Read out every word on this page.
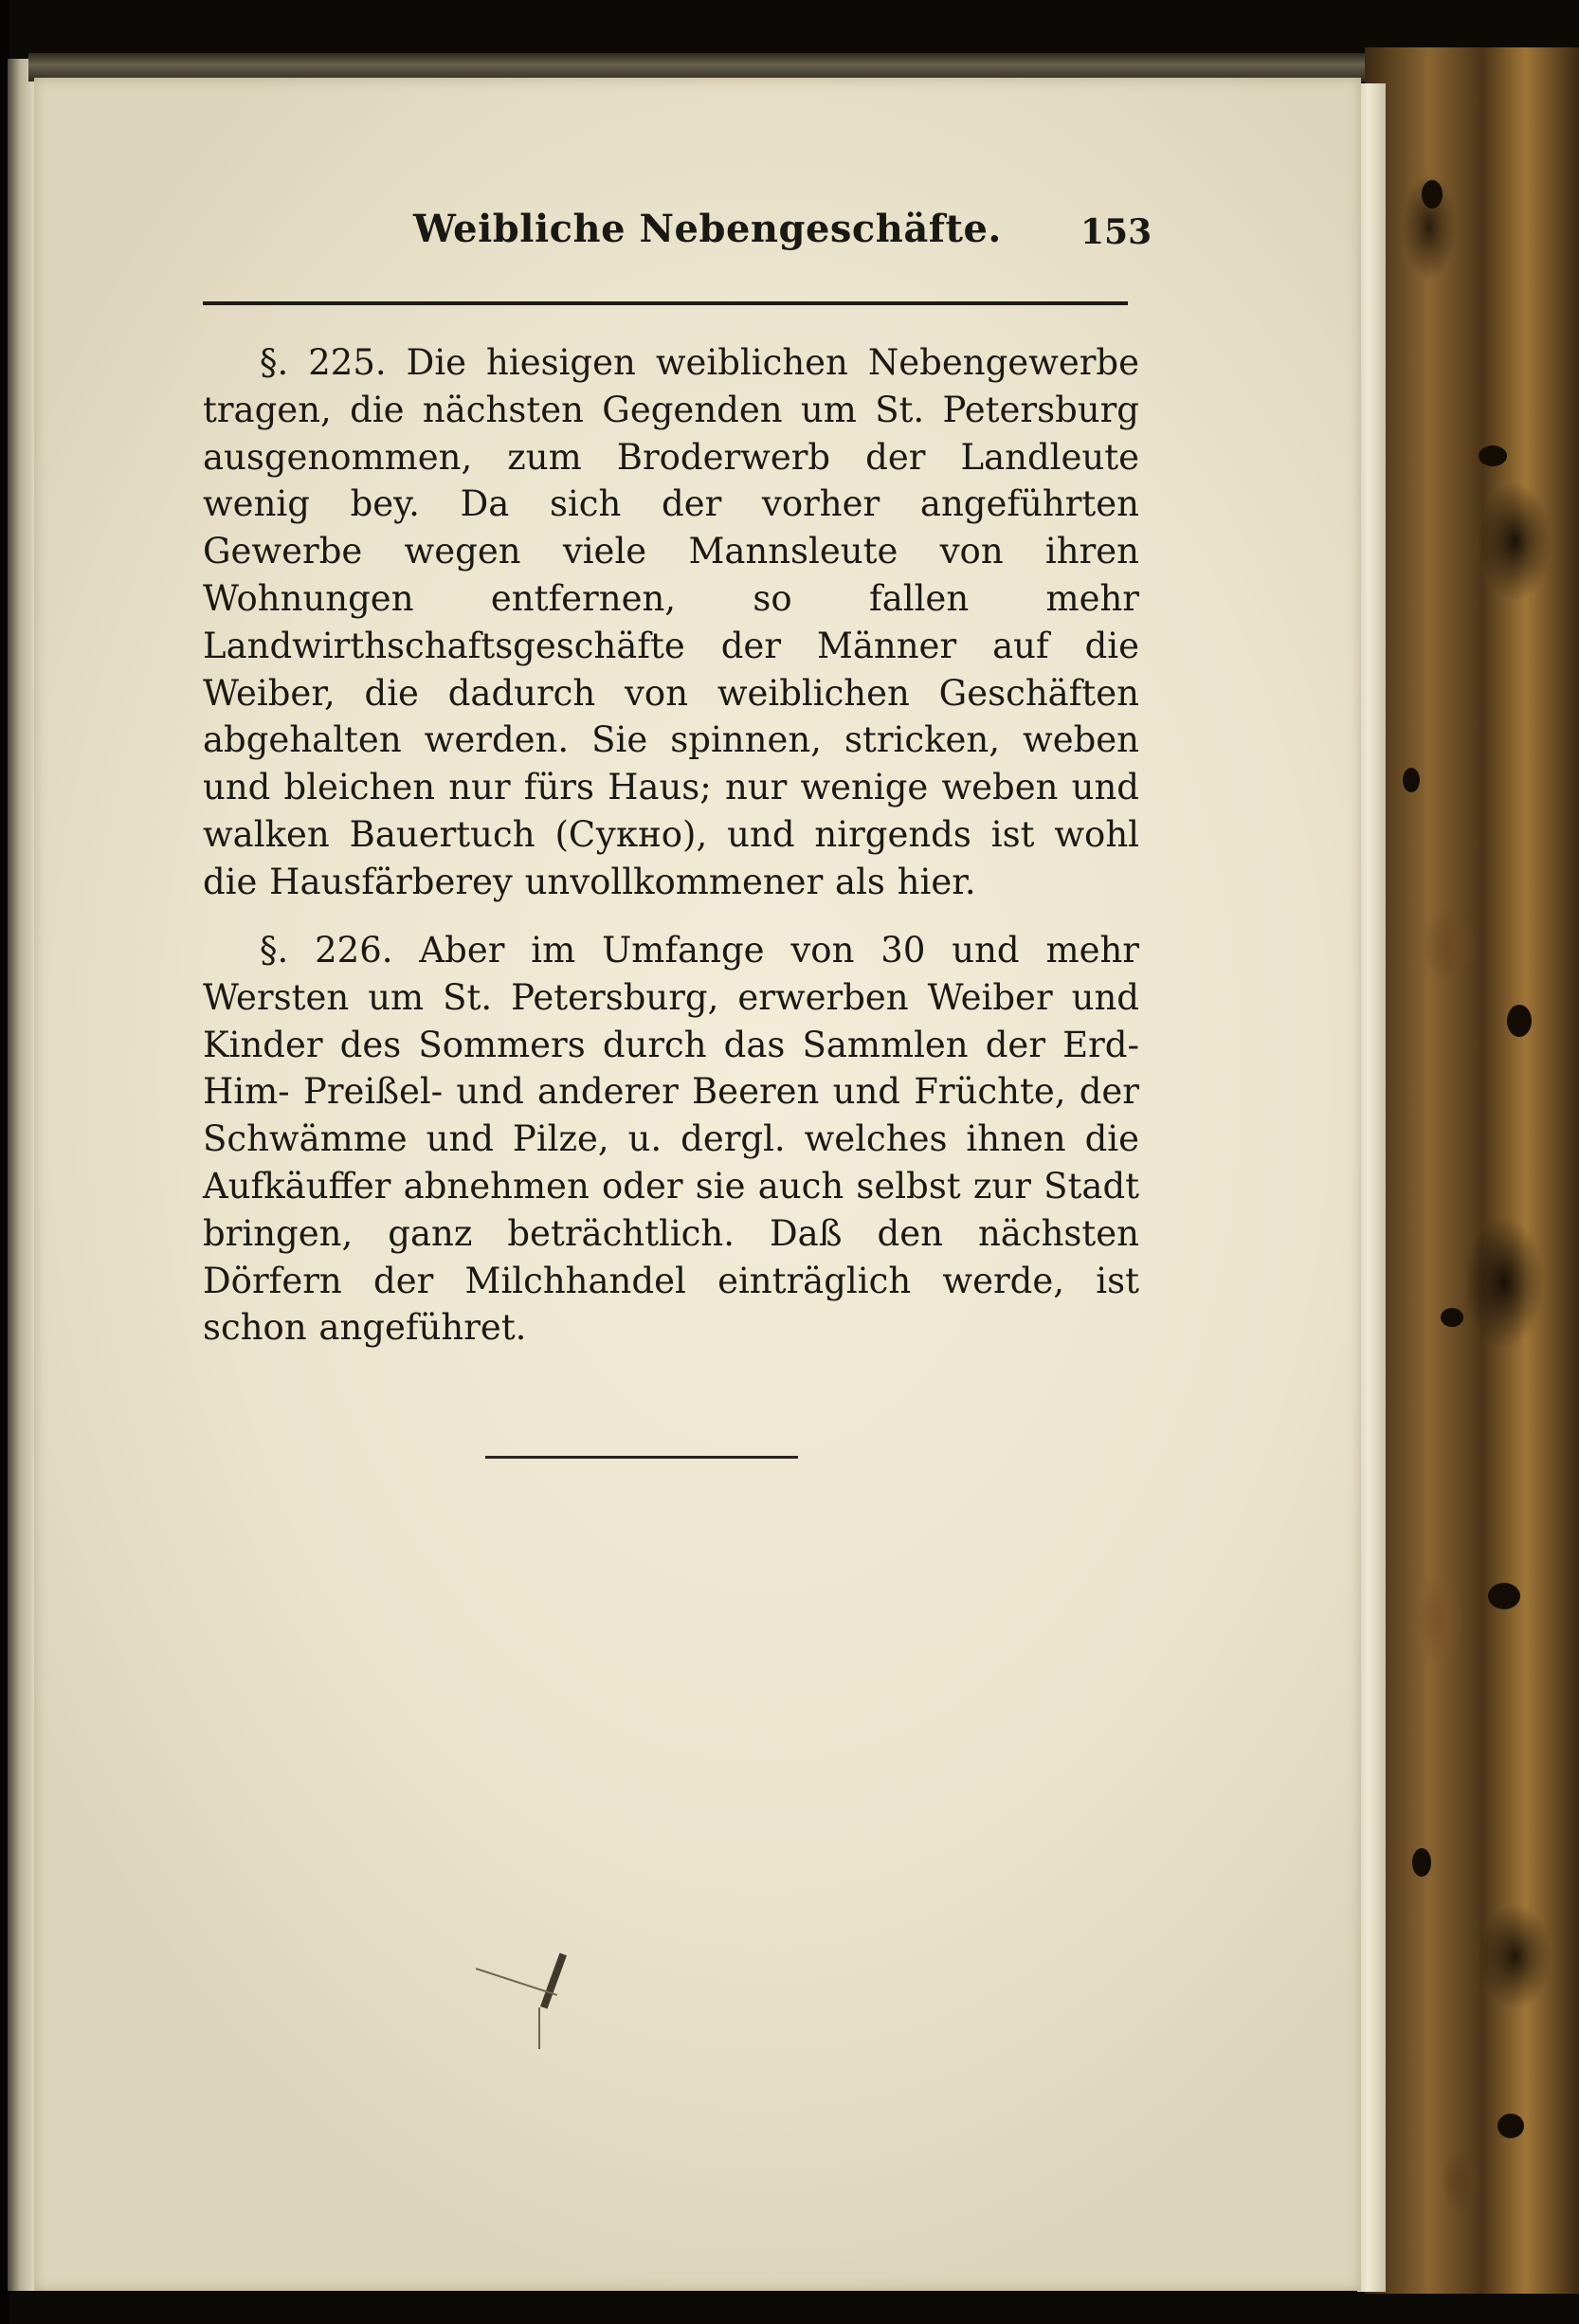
Weibliche Nebengeschäfte. 153
§. 225. Die hiesigen weiblichen Nebengewerbe tragen, die nächsten Gegenden um St. Petersburg ausgenommen, zum Broderwerb der Landleute wenig bey. Da sich der vorher angeführten Gewerbe wegen viele Mannsleute von ihren Wohnungen entfernen, so fallen mehr Landwirthschaftsgeschäfte der Männer auf die Weiber, die dadurch von weiblichen Geschäften abgehalten werden. Sie spinnen, stricken, weben und bleichen nur fürs Haus; nur wenige weben und walken Bauertuch (Сукно), und nirgends ist wohl die Hausfärberey unvollkommener als hier.
§. 226. Aber im Umfange von 30 und mehr Wersten um St. Petersburg, erwerben Weiber und Kinder des Sommers durch das Sammlen der Erd- Him- Preißel- und anderer Beeren und Früchte, der Schwämme und Pilze, u. dergl. welches ihnen die Aufkäuffer abnehmen oder sie auch selbst zur Stadt bringen, ganz beträchtlich. Daß den nächsten Dörfern der Milchhandel einträglich werde, ist schon angeführet.
